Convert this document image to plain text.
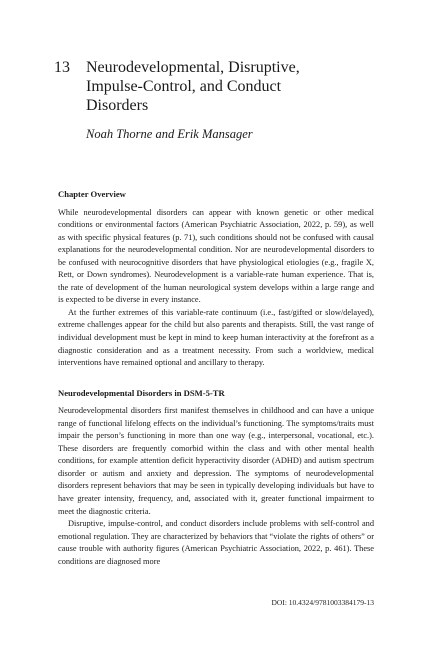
13 Neurodevelopmental, Disruptive,
Impulse-Control, and Conduct
Disorders
Noah Thorne and Erik Mansager
Chapter Overview

While neurodevelopmental disorders can appear with known genetic or other medical conditions or environmental factors (American Psychiatric Association, 2022, p. 59), as well as with specific physical features (p. 71), such conditions should not be confused with causal explanations for the neurodevelopmental condition. Nor are neurodevelopmental disorders to be confused with neurocognitive disorders that have physiological etiologies (e.g., fragile X, Rett, or Down syndromes). Neurodevelopment is a variable-rate human experience. That is, the rate of development of the human neurological system develops within a large range and is expected to be diverse in every instance.

At the further extremes of this variable-rate continuum (i.e., fast/gifted or slow/delayed), extreme challenges appear for the child but also parents and therapists. Still, the vast range of individual development must be kept in mind to keep human interactivity at the forefront as a diagnostic consideration and as a treatment necessity. From such a worldview, medical interventions have remained optional and ancillary to therapy.

Neurodevelopmental Disorders in DSM-5-TR

Neurodevelopmental disorders first manifest themselves in childhood and can have a unique range of functional lifelong effects on the individual’s functioning. The symptoms/traits must impair the person’s functioning in more than one way (e.g., interpersonal, vocational, etc.). These disorders are frequently comorbid within the class and with other mental health conditions, for example attention deficit hyperactivity disorder (ADHD) and autism spectrum disorder or autism and anxiety and depression. The symptoms of neurodevelopmental disorders represent behaviors that may be seen in typically developing individuals but have to have greater intensity, frequency, and, associated with it, greater functional impairment to meet the diagnostic criteria.

Disruptive, impulse-control, and conduct disorders include problems with self-control and emotional regulation. They are characterized by behaviors that “violate the rights of others” or cause trouble with authority figures (American Psychiatric Association, 2022, p. 461). These conditions are diagnosed more

DOI: 10.4324/9781003384179-13
